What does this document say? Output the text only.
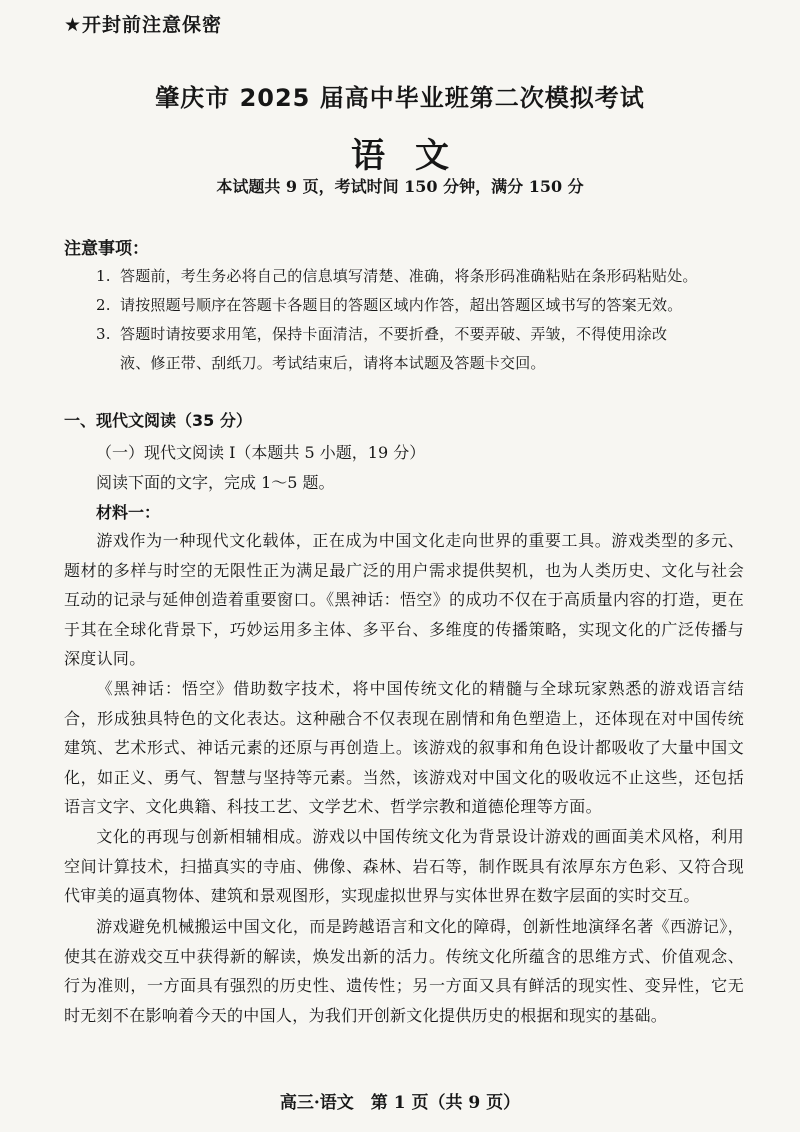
★开封前注意保密
肇庆市 2025 届高中毕业班第二次模拟考试
语文
本试题共 9 页，考试时间 150 分钟，满分 150 分
注意事项：
1. 答题前，考生务必将自己的信息填写清楚、准确，将条形码准确粘贴在条形码粘贴处。
2. 请按照题号顺序在答题卡各题目的答题区域内作答，超出答题区域书写的答案无效。
3. 答题时请按要求用笔，保持卡面清洁，不要折叠，不要弄破、弄皱，不得使用涂改
液、修正带、刮纸刀。考试结束后，请将本试题及答题卡交回。
一、现代文阅读（35 分）
（一）现代文阅读 I（本题共 5 小题，19 分）
阅读下面的文字，完成 1～5 题。
材料一：
游戏作为一种现代文化载体，正在成为中国文化走向世界的重要工具。游戏类型的多元、题材的多样与时空的无限性正为满足最广泛的用户需求提供契机，也为人类历史、文化与社会互动的记录与延伸创造着重要窗口。《黑神话：悟空》的成功不仅在于高质量内容的打造，更在于其在全球化背景下，巧妙运用多主体、多平台、多维度的传播策略，实现文化的广泛传播与深度认同。
《黑神话：悟空》借助数字技术，将中国传统文化的精髓与全球玩家熟悉的游戏语言结合，形成独具特色的文化表达。这种融合不仅表现在剧情和角色塑造上，还体现在对中国传统建筑、艺术形式、神话元素的还原与再创造上。该游戏的叙事和角色设计都吸收了大量中国文化，如正义、勇气、智慧与坚持等元素。当然，该游戏对中国文化的吸收远不止这些，还包括语言文字、文化典籍、科技工艺、文学艺术、哲学宗教和道德伦理等方面。
文化的再现与创新相辅相成。游戏以中国传统文化为背景设计游戏的画面美术风格，利用空间计算技术，扫描真实的寺庙、佛像、森林、岩石等，制作既具有浓厚东方色彩、又符合现代审美的逼真物体、建筑和景观图形，实现虚拟世界与实体世界在数字层面的实时交互。
游戏避免机械搬运中国文化，而是跨越语言和文化的障碍，创新性地演绎名著《西游记》，使其在游戏交互中获得新的解读，焕发出新的活力。传统文化所蕴含的思维方式、价值观念、行为准则，一方面具有强烈的历史性、遗传性；另一方面又具有鲜活的现实性、变异性，它无时无刻不在影响着今天的中国人，为我们开创新文化提供历史的根据和现实的基础。
高三·语文　第 1 页（共 9 页）
